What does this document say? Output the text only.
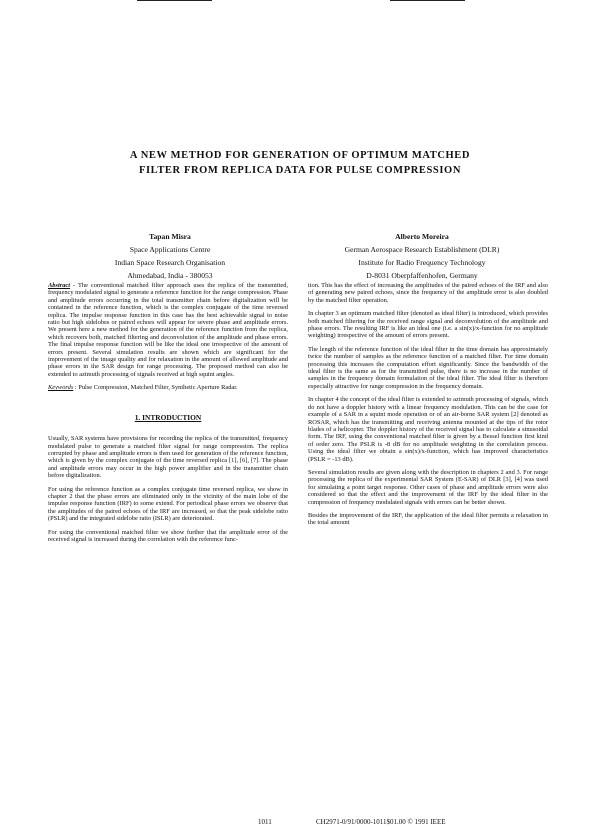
A NEW METHOD FOR GENERATION OF OPTIMUM MATCHED
FILTER FROM REPLICA DATA FOR PULSE COMPRESSION
Tapan Misra
Space Applications Centre
Indian Space Research Organisation
Ahmedabad, India - 380053
Alberto Moreira
German Aerospace Research Establishment (DLR)
Institute for Radio Frequency Technology
D-8031 Oberpfaffenhofen, Germany

Abstract - The conventional matched filter approach uses the replica of the transmitted, frequency modulated signal to generate a reference function for the range compression. Phase and amplitude errors occurring in the total transmitter chain before digitalization will be contained in the reference function, which is the complex conjugate of the time reversed replica. The impulse response function in this case has the best achievable signal to noise ratio but high sidelobes or paired echoes will appear for severe phase and amplitude errors. We present here a new method for the generation of the reference function from the replica, which recovers both, matched filtering and deconvolution of the amplitude and phase errors. The final impulse response function will be like the ideal one irrespective of the amount of errors present. Several simulation results are shown which are significant for the improvement of the image quality and for relaxation in the amount of allowed amplitude and phase errors in the SAR design for range processing. The proposed method can also be extended to azimuth processing of signals received at high squint angles.

Keywords : Pulse Compression, Matched Filter, Synthetic Aperture Radar.

1. INTRODUCTION

Usually, SAR systems have provisions for recording the replica of the transmitted, frequency modulated pulse to generate a matched filter signal for range compression. The replica corrupted by phase and amplitude errors is then used for generation of the reference function, which is given by the complex conjugate of the time reversed replica [1], [6], [7]. The phase and amplitude errors may occur in the high power amplifier and in the transmitter chain before digitalization.

For using the reference function as a complex conjugate time reversed replica, we show in chapter 2 that the phase errors are eliminated only in the vicinity of the main lobe of the impulse response function (IRF) to some extend. For periodical phase errors we observe that the amplitudes of the paired echoes of the IRF are increased, so that the peak sidelobe ratio (PSLR) and the integrated sidelobe ratio (ISLR) are deteriorated.

For using the conventional matched filter we show further that the amplitude error of the received signal is increased during the correlation with the reference func-

tion. This has the effect of increasing the amplitudes of the paired echoes of the IRF and also of generating new paired echoes, since the frequency of the amplitude error is also doubled by the matched filter operation.

In chapter 3 an optimum matched filter (denoted as ideal filter) is introduced, which provides both matched filtering for the received range signal and deconvolution of the amplitude and phase errors. The resulting IRF is like an ideal one (i.e. a sin(x)/x-function for no amplitude weighting) irrespective of the amount of errors present.

The length of the reference function of the ideal filter in the time domain has approximately twice the number of samples as the reference function of a matched filter. For time domain processing this increases the computation effort significantly. Since the bandwidth of the ideal filter is the same as for the transmitted pulse, there is no increase in the number of samples in the frequency domain formulation of the ideal filter. The ideal filter is therefore especially attractive for range compression in the frequency domain.

In chapter 4 the concept of the ideal filter is extended to azimuth processing of signals, which do not have a doppler history with a linear frequency modulation. This can be the case for example of a SAR in a squint mode operation or of an air-borne SAR system [2] denoted as ROSAR, which has the transmitting and receiving antenna mounted at the tips of the rotor blades of a helicopter. The doppler history of the received signal has to calculate a sinusoidal form. The IRF, using the conventional matched filter is given by a Bessel function first kind of order zero. The PSLR is -8 dB for no amplitude weighting in the correlation process. Using the ideal filter we obtain a sin(x)/x-function, which has improved characteristics (PSLR = -13 dB).

Several simulation results are given along with the description in chapters 2 and 3. For range processing the replica of the experimental SAR System (E-SAR) of DLR [3], [4] was used for simulating a point target response. Other cases of phase and amplitude errors were also considered so that the effect and the improvement of the IRF by the ideal filter in the compression of frequency modulated signals with errors can be better shown.

Besides the improvement of the IRF, the application of the ideal filter permits a relaxation in the total amount

1011	CH2971-0/91/0000-1011$01.00 © 1991 IEEE
